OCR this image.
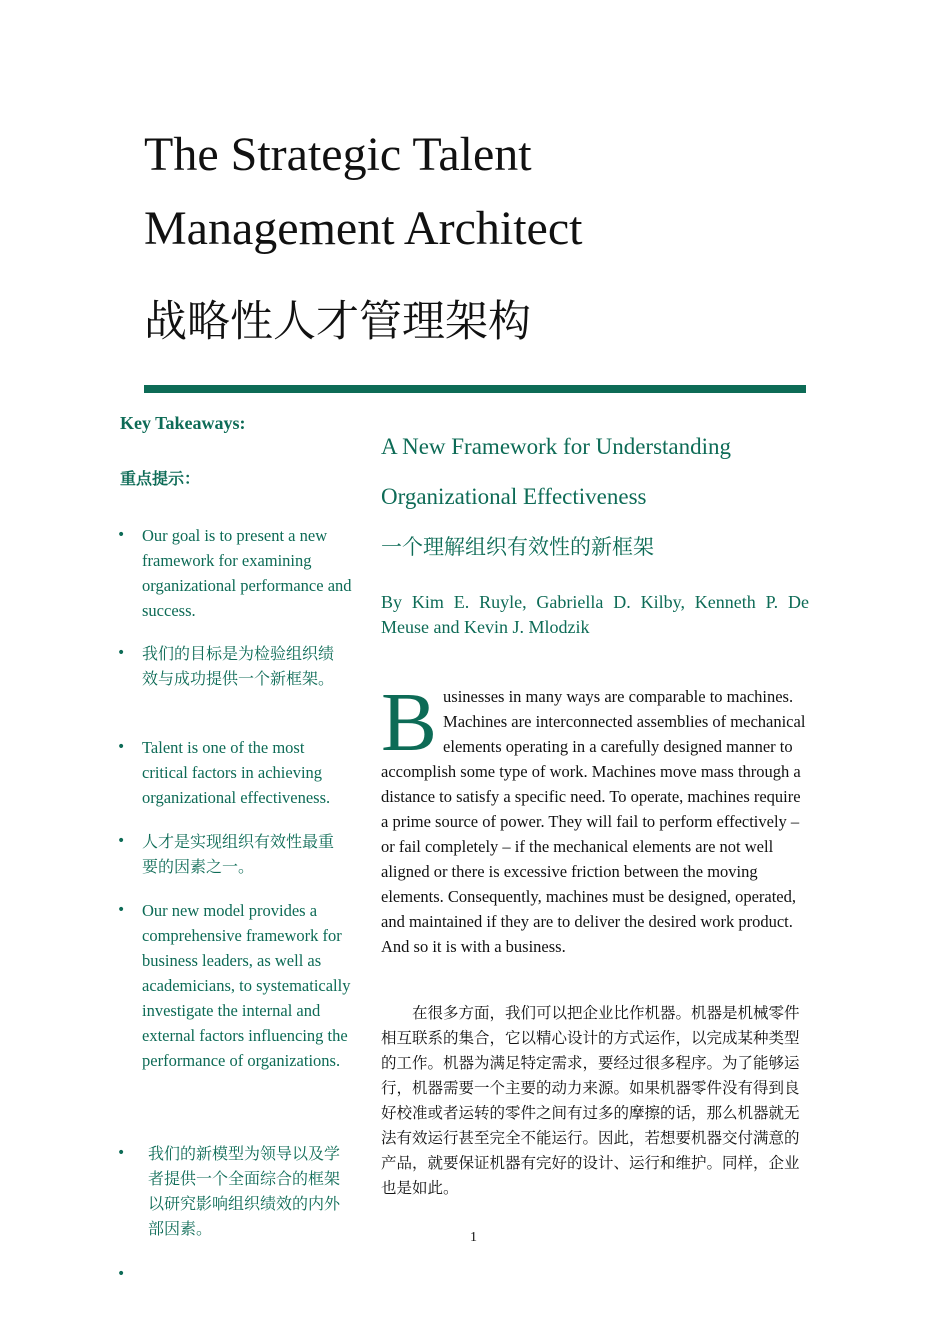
The Strategic Talent
Management Architect
战略性人才管理架构
Key Takeaways:
重点提示：
• Our goal is to present a new framework for examining organizational performance and success.
• 我们的目标是为检验组织绩效与成功提供一个新框架。
• Talent is one of the most critical factors in achieving organizational effectiveness.
• 人才是实现组织有效性最重要的因素之一。
• Our new model provides a comprehensive framework for business leaders, as well as academicians, to systematically investigate the internal and external factors influencing the performance of organizations.
• 我们的新模型为领导以及学者提供一个全面综合的框架以研究影响组织绩效的内外部因素。
•
A New Framework for Understanding
Organizational Effectiveness
一个理解组织有效性的新框架
By Kim E. Ruyle, Gabriella D. Kilby, Kenneth P. De Meuse and Kevin J. Mlodzik

Businesses in many ways are comparable to machines. Machines are interconnected assemblies of mechanical elements operating in a carefully designed manner to accomplish some type of work. Machines move mass through a distance to satisfy a specific need. To operate, machines require a prime source of power. They will fail to perform effectively – or fail completely – if the mechanical elements are not well aligned or there is excessive friction between the moving elements. Consequently, machines must be designed, operated, and maintained if they are to deliver the desired work product. And so it is with a business.

在很多方面，我们可以把企业比作机器。机器是机械零件相互联系的集合，它以精心设计的方式运作，以完成某种类型的工作。机器为满足特定需求，要经过很多程序。为了能够运行，机器需要一个主要的动力来源。如果机器零件没有得到良好校准或者运转的零件之间有过多的摩擦的话，那么机器就无法有效运行甚至完全不能运行。因此，若想要机器交付满意的产品，就要保证机器有完好的设计、运行和维护。同样，企业也是如此。

1
